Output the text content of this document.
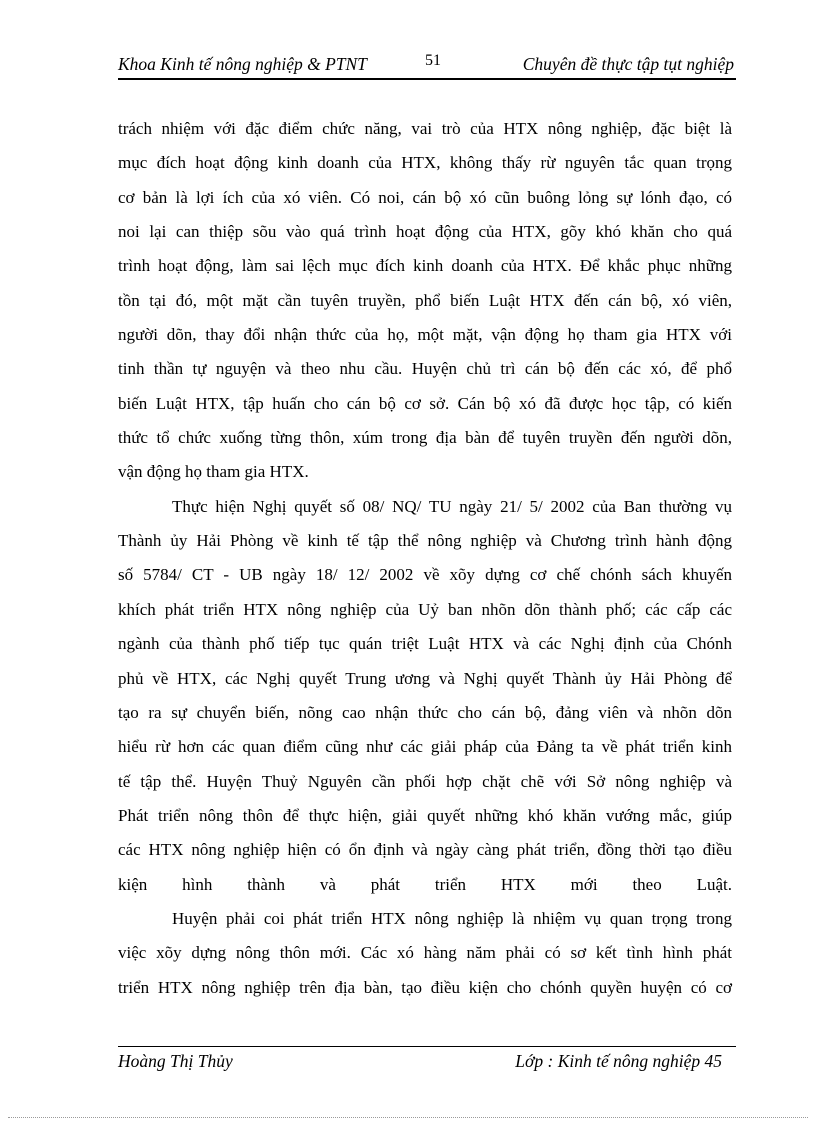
Khoa Kinh tế nông nghiệp & PTNT	51	Chuyên đề thực tập tụt nghiệp
trách nhiệm với đặc điểm chức năng, vai trò của HTX nông nghiệp, đặc biệt là
mục đích hoạt động kinh doanh của HTX, không thấy rừ nguyên tắc quan trọng
cơ bản là lợi ích của xó viên. Có noi, cán bộ xó cũn buông lỏng sự lónh đạo, có
noi lại can thiệp sõu vào quá trình hoạt động của HTX, gõy khó khăn cho quá
trình hoạt động, làm sai lệch mục đích kinh doanh của HTX. Để khắc phục những
tồn tại đó, một mặt cần tuyên truyền, phổ biến Luật HTX đến cán bộ, xó viên,
người dõn, thay đổi nhận thức của họ, một mặt, vận động họ tham gia HTX với
tinh thần tự nguyện và theo nhu cầu. Huyện chủ trì cán bộ đến các xó, để phổ
biến Luật HTX, tập huấn cho cán bộ cơ sở. Cán bộ xó đã được học tập, có kiến
thức tổ chức xuống từng thôn, xúm trong địa bàn để tuyên truyền đến người dõn,
vận động họ tham gia HTX.
Thực hiện Nghị quyết số 08/ NQ/ TU ngày 21/ 5/ 2002 của Ban thường vụ
Thành ủy Hải Phòng về kinh tế tập thể nông nghiệp và Chương trình hành động
số 5784/ CT - UB ngày 18/ 12/ 2002 về xõy dựng cơ chế chónh sách khuyến
khích phát triển HTX nông nghiệp của Uỷ ban nhõn dõn thành phố; các cấp các
ngành của thành phố tiếp tục quán triệt Luật HTX và các Nghị định của Chónh
phủ về HTX, các Nghị quyết Trung ương và Nghị quyết Thành ủy Hải Phòng để
tạo ra sự chuyển biến, nõng cao nhận thức cho cán bộ, đảng viên và nhõn dõn
hiểu rừ hơn các quan điểm cũng như các giải pháp của Đảng ta về phát triển kinh
tế tập thể. Huyện Thuỷ Nguyên cần phối hợp chặt chẽ với Sở nông nghiệp và
Phát triển nông thôn để thực hiện, giải quyết những khó khăn vướng mắc, giúp
các HTX nông nghiệp hiện có ổn định và ngày càng phát triển, đồng thời tạo điều
kiện hình thành và phát triển HTX mới theo Luật.
Huyện phải coi phát triển HTX nông nghiệp là nhiệm vụ quan trọng trong
việc xõy dựng nông thôn mới. Các xó hàng năm phải có sơ kết tình hình phát
triển HTX nông nghiệp trên địa bàn, tạo điều kiện cho chónh quyền huyện có cơ
Hoàng Thị Thủy	Lớp : Kinh tế nông nghiệp 45
